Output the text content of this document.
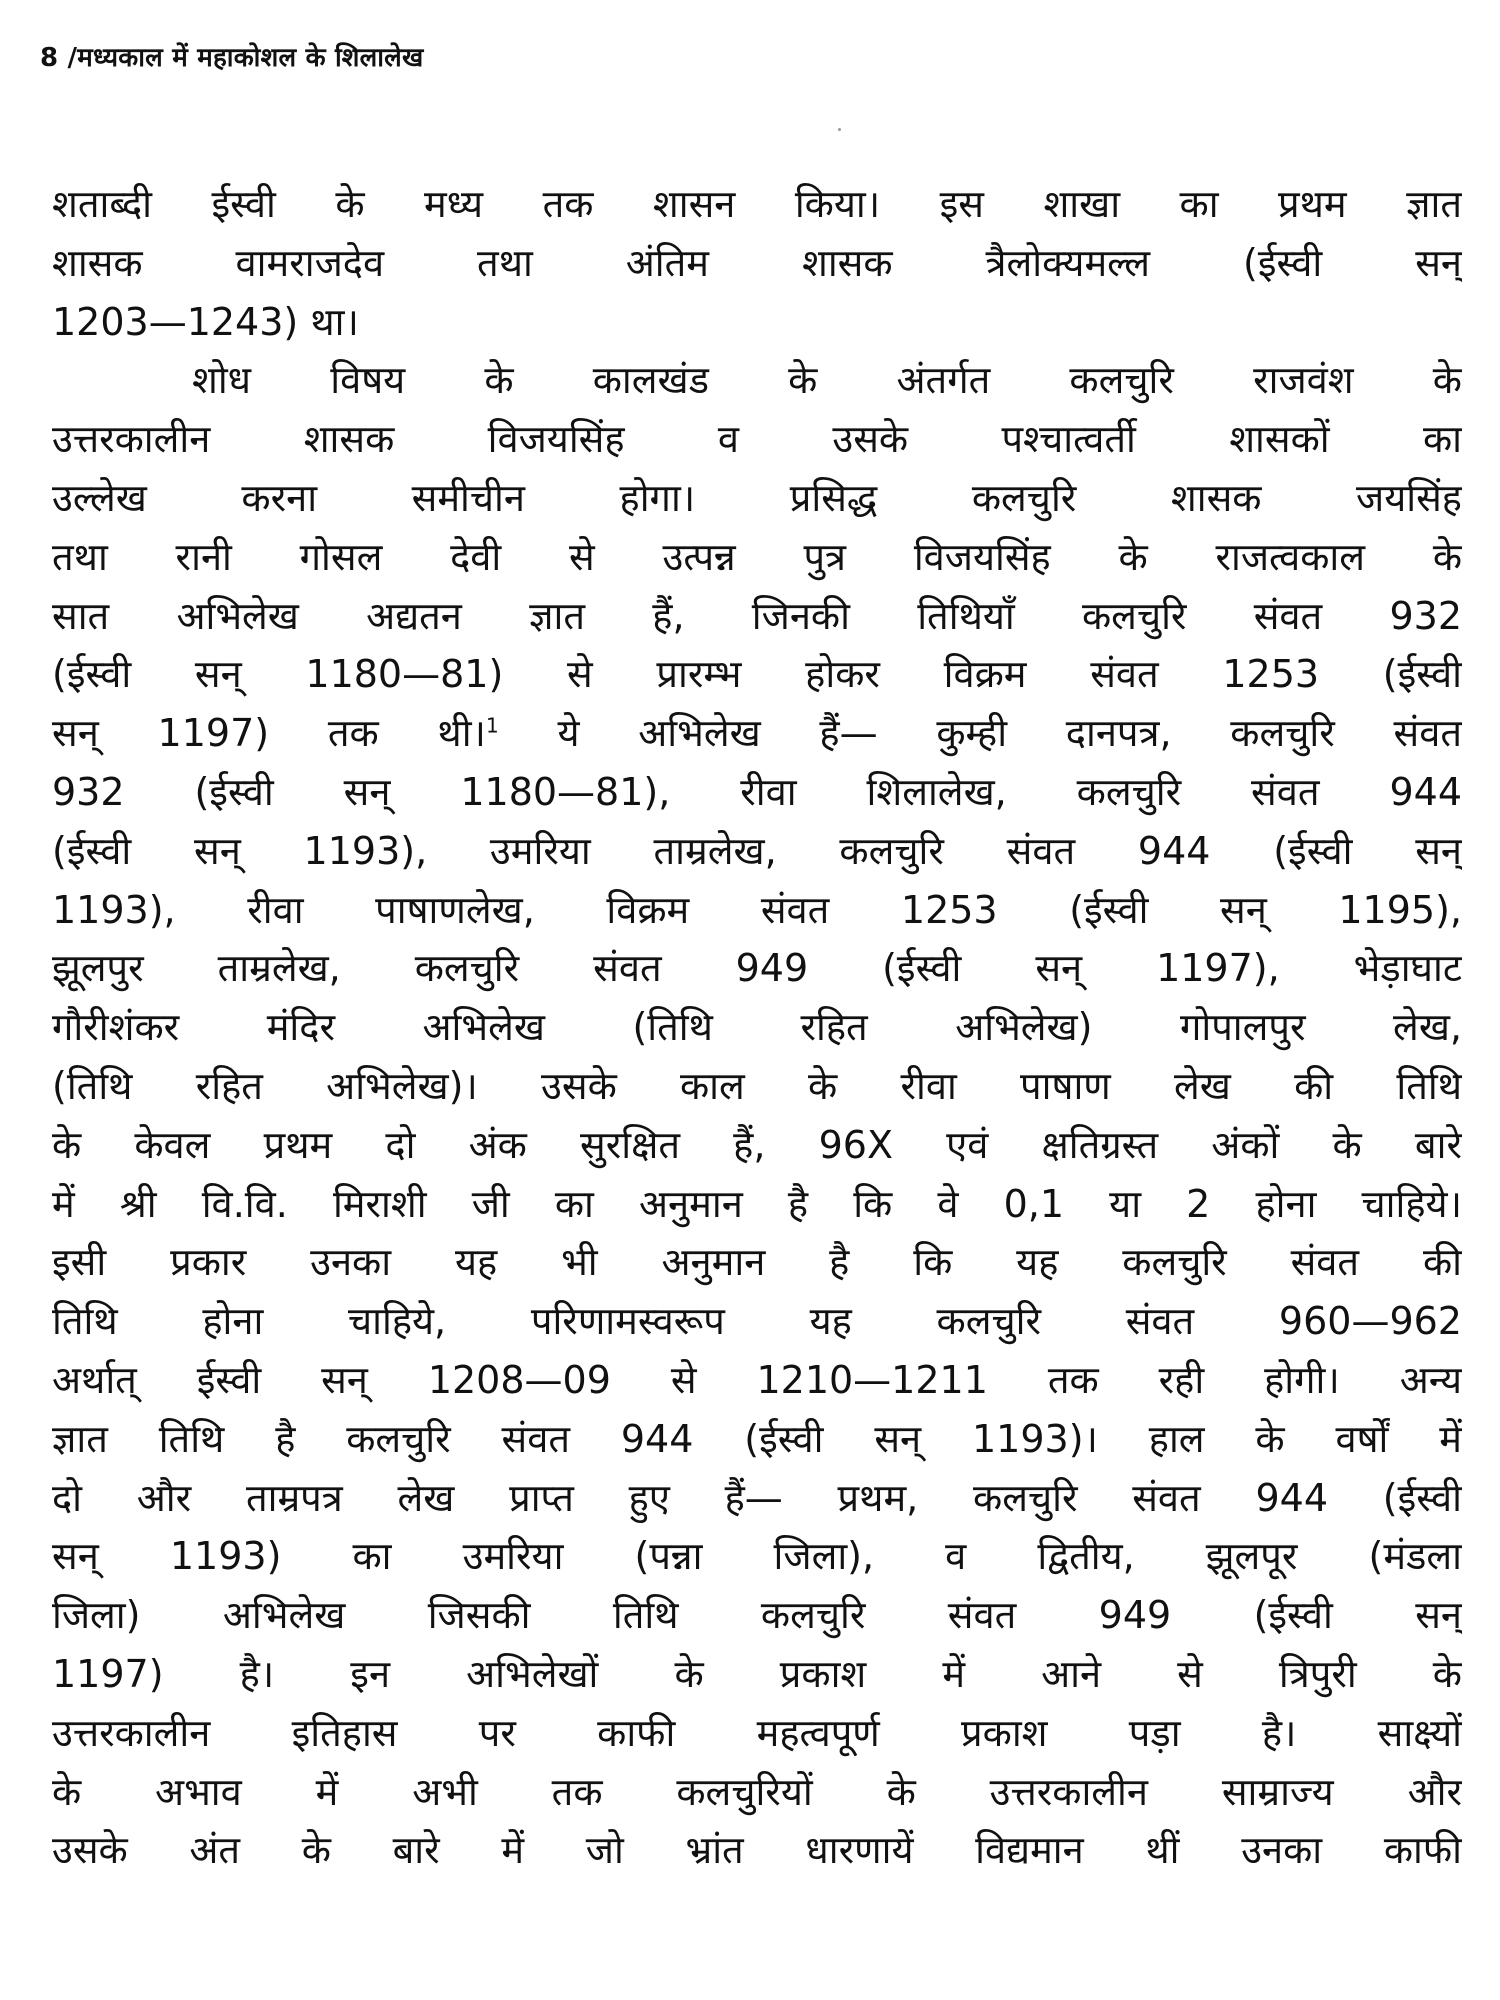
8 /मध्यकाल में महाकोशल के शिलालेख
शताब्दी ईस्वी के मध्य तक शासन किया। इस शाखा का प्रथम ज्ञात
शासक वामराजदेव तथा अंतिम शासक त्रैलोक्यमल्ल (ईस्वी सन्
1203—1243) था।
शोध विषय के कालखंड के अंतर्गत कलचुरि राजवंश के
उत्तरकालीन शासक विजयसिंह व उसके पश्चात्वर्ती शासकों का
उल्लेख करना समीचीन होगा। प्रसिद्ध कलचुरि शासक जयसिंह
तथा रानी गोसल देवी से उत्पन्न पुत्र विजयसिंह के राजत्वकाल के
सात अभिलेख अद्यतन ज्ञात हैं, जिनकी तिथियाँ कलचुरि संवत 932
(ईस्वी सन् 1180—81) से प्रारम्भ होकर विक्रम संवत 1253 (ईस्वी
सन् 1197) तक थी।$^1$ ये अभिलेख हैं— कुम्ही दानपत्र, कलचुरि संवत
932 (ईस्वी सन् 1180—81), रीवा शिलालेख, कलचुरि संवत 944
(ईस्वी सन् 1193), उमरिया ताम्रलेख, कलचुरि संवत 944 (ईस्वी सन्
1193), रीवा पाषाणलेख, विक्रम संवत 1253 (ईस्वी सन् 1195),
झूलपुर ताम्रलेख, कलचुरि संवत 949 (ईस्वी सन् 1197), भेड़ाघाट
गौरीशंकर मंदिर अभिलेख (तिथि रहित अभिलेख) गोपालपुर लेख,
(तिथि रहित अभिलेख)। उसके काल के रीवा पाषाण लेख की तिथि
के केवल प्रथम दो अंक सुरक्षित हैं, 96X एवं क्षतिग्रस्त अंकों के बारे
में श्री वि.वि. मिराशी जी का अनुमान है कि वे 0,1 या 2 होना चाहिये।
इसी प्रकार उनका यह भी अनुमान है कि यह कलचुरि संवत की
तिथि होना चाहिये, परिणामस्वरूप यह कलचुरि संवत 960—962
अर्थात् ईस्वी सन् 1208—09 से 1210—1211 तक रही होगी। अन्य
ज्ञात तिथि है कलचुरि संवत 944 (ईस्वी सन् 1193)। हाल के वर्षों में
दो और ताम्रपत्र लेख प्राप्त हुए हैं— प्रथम, कलचुरि संवत 944 (ईस्वी
सन् 1193) का उमरिया (पन्ना जिला), व द्वितीय, झूलपूर (मंडला
जिला) अभिलेख जिसकी तिथि कलचुरि संवत 949 (ईस्वी सन्
1197) है। इन अभिलेखों के प्रकाश में आने से त्रिपुरी के
उत्तरकालीन इतिहास पर काफी महत्वपूर्ण प्रकाश पड़ा है। साक्ष्यों
के अभाव में अभी तक कलचुरियों के उत्तरकालीन साम्राज्य और
उसके अंत के बारे में जो भ्रांत धारणायें विद्यमान थीं उनका काफी
